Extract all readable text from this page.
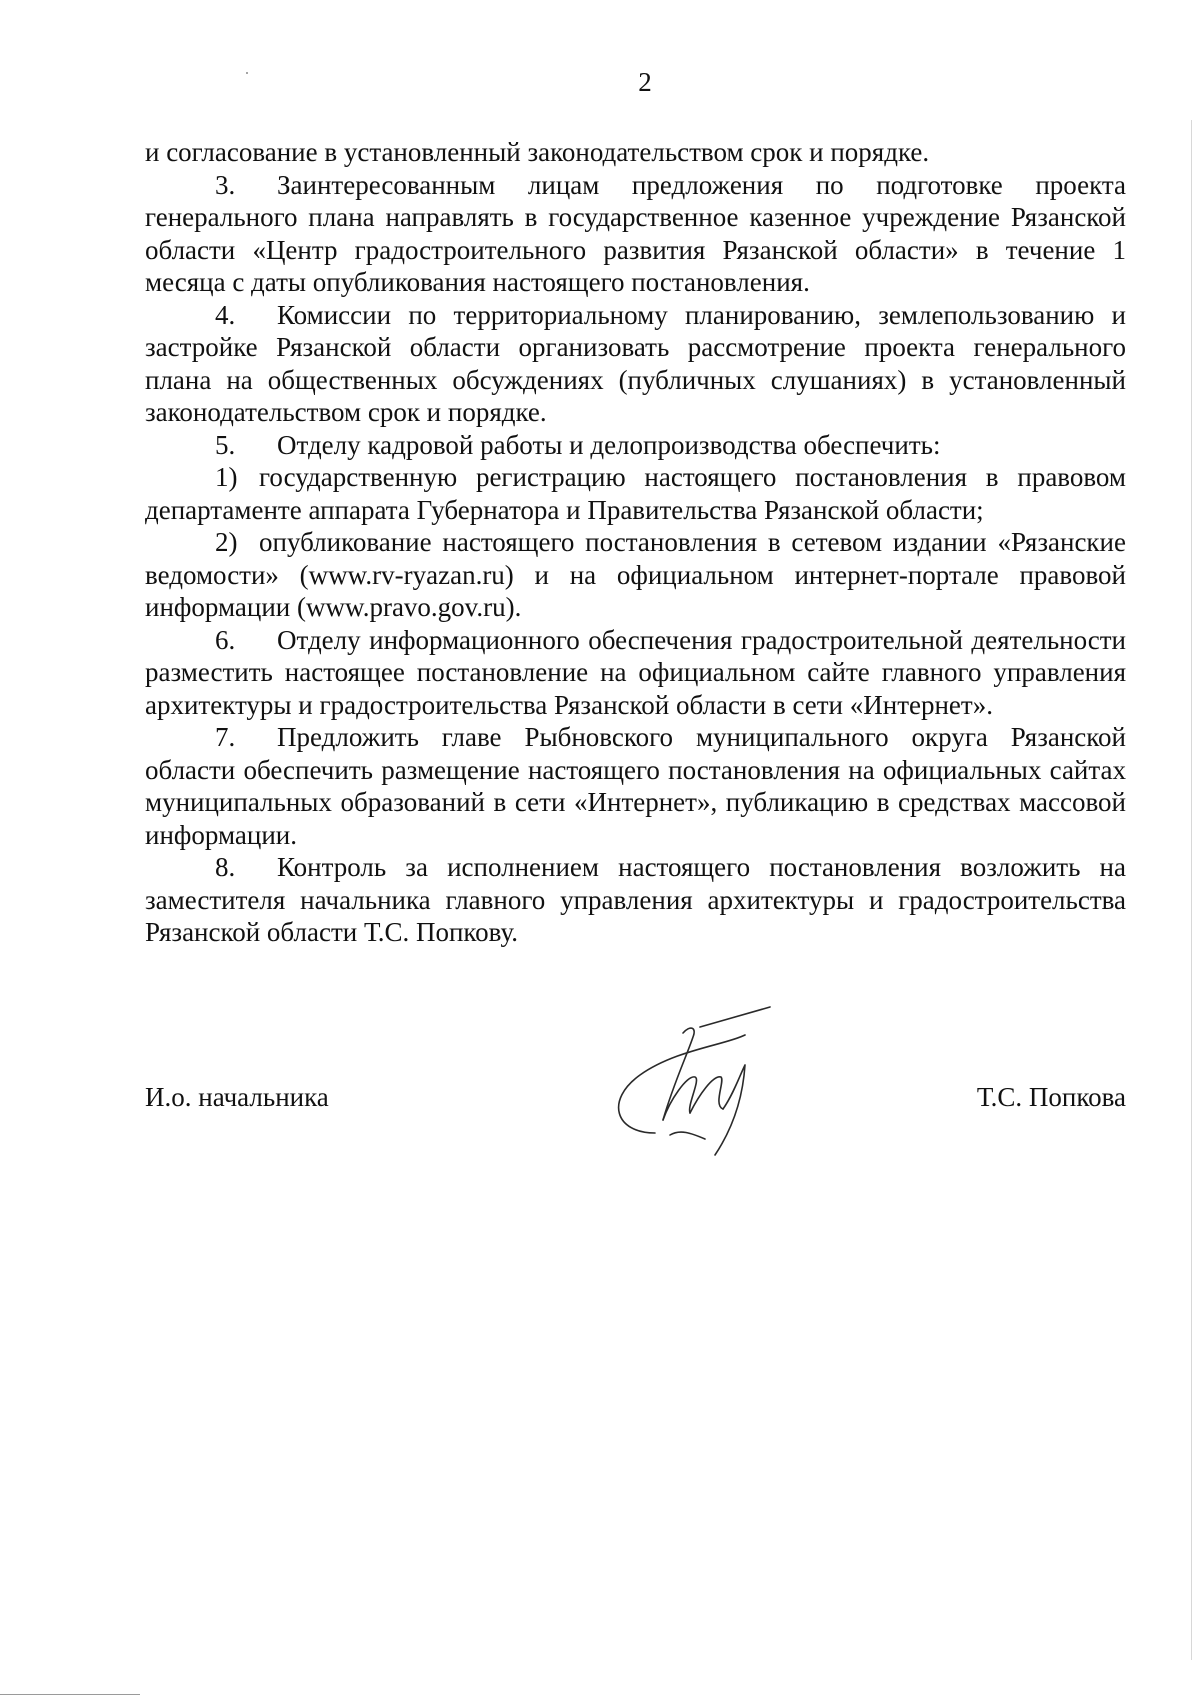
2

и согласование в установленный законодательством срок и порядке.

3. Заинтересованным лицам предложения по подготовке проекта генерального плана направлять в государственное казенное учреждение Рязанской области «Центр градостроительного развития Рязанской области» в течение 1 месяца с даты опубликования настоящего постановления.

4. Комиссии по территориальному планированию, землепользованию и застройке Рязанской области организовать рассмотрение проекта генерального плана на общественных обсуждениях (публичных слушаниях) в установленный законодательством срок и порядке.

5. Отделу кадровой работы и делопроизводства обеспечить:

1) государственную регистрацию настоящего постановления в правовом департаменте аппарата Губернатора и Правительства Рязанской области;

2) опубликование настоящего постановления в сетевом издании «Рязанские ведомости» (www.rv-ryazan.ru) и на официальном интернет-портале правовой информации (www.pravo.gov.ru).

6. Отделу информационного обеспечения градостроительной деятельности разместить настоящее постановление на официальном сайте главного управления архитектуры и градостроительства Рязанской области в сети «Интернет».

7. Предложить главе Рыбновского муниципального округа Рязанской области обеспечить размещение настоящего постановления на официальных сайтах муниципальных образований в сети «Интернет», публикацию в средствах массовой информации.

8. Контроль за исполнением настоящего постановления возложить на заместителя начальника главного управления архитектуры и градостроительства Рязанской области Т.С. Попкову.

И.о. начальника	Т.С. Попкова
